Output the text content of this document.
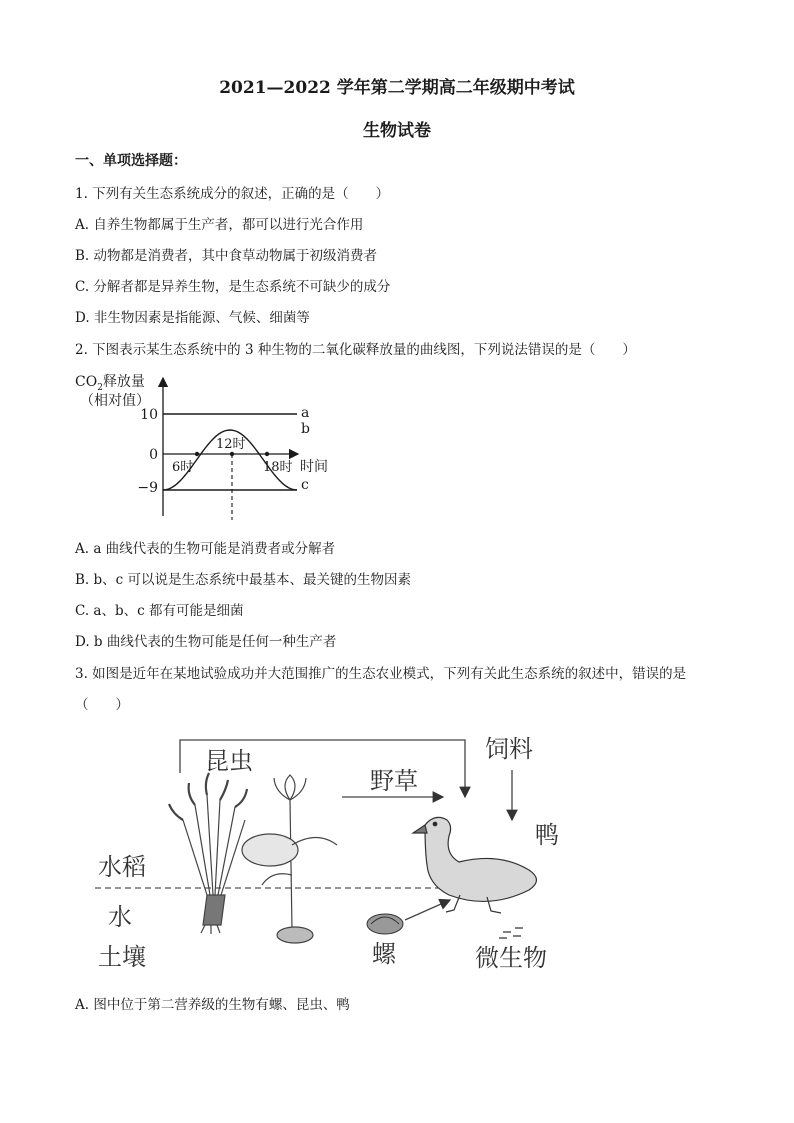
2021—2022 学年第二学期高二年级期中考试
生物试卷
一、单项选择题：
1. 下列有关生态系统成分的叙述，正确的是（　　）
A. 自养生物都属于生产者，都可以进行光合作用
B. 动物都是消费者，其中食草动物属于初级消费者
C. 分解者都是异养生物，是生态系统不可缺少的成分
D. 非生物因素是指能源、气候、细菌等
2. 下图表示某生态系统中的 3 种生物的二氧化碳释放量的曲线图，下列说法错误的是（　　）
$CO_2$释放量
（相对值）
时间
10
0
−9
6时
12时
18时
a
b
c
A. a 曲线代表的生物可能是消费者或分解者
B. b、c 可以说是生态系统中最基本、最关键的生物因素
C. a、b、c 都有可能是细菌
D. b 曲线代表的生物可能是任何一种生产者
3. 如图是近年在某地试验成功并大范围推广的生态农业模式，下列有关此生态系统的叙述中，错误的是
（　　）
昆虫
野草
饲料
鸭
水稻
水
土壤	螺	微生物
A. 图中位于第二营养级的生物有螺、昆虫、鸭
